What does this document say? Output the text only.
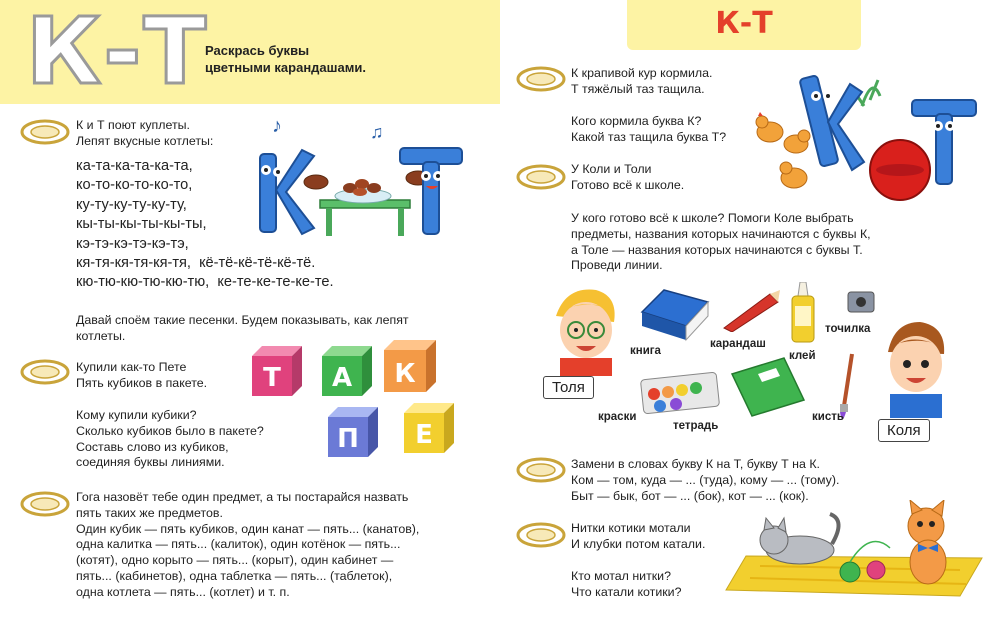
К-Т
Раскрась буквы
цветными карандашами.
К и Т поют куплеты.
Лепят вкусные котлеты:
ка-та-ка-та-ка-та,
ко-то-ко-то-ко-то,
ку-ту-ку-ту-ку-ту,
кы-ты-кы-ты-кы-ты,
кэ-тэ-кэ-тэ-кэ-тэ,
кя-тя-кя-тя-кя-тя,  кё-тё-кё-тё-кё-тё.
кю-тю-кю-тю-кю-тю,  ке-те-ке-те-ке-те.
Давай споём такие песенки. Будем показывать, как лепят
котлеты.
Купили как-то Пете
Пять кубиков в пакете.
Кому купили кубики?
Сколько кубиков было в пакете?
Составь слово из кубиков,
соединяя буквы линиями.
Гога назовёт тебе один предмет, а ты постарайся назвать
пять таких же предметов.
Один кубик — пять кубиков, один канат — пять... (канатов),
одна калитка — пять... (калиток), один котёнок — пять...
(котят), одно корыто — пять... (корыт), один кабинет —
пять... (кабинетов), одна таблетка — пять... (таблеток),
одна котлета — пять... (котлет) и т. п.
♪	♫
Т А К
П Е
К-Т
К крапивой кур кормила.
Т тяжёлый таз тащила.
Кого кормила буква К?
Какой таз тащила буква Т?
У Коли и Толи
Готово всё к школе.
У кого готово всё к школе? Помоги Коле выбрать
предметы, названия которых начинаются с буквы К,
а Толе — названия которых начинаются с буквы Т.
Проведи линии.
Замени в словах букву К на Т, букву Т на К.
Ком — том, куда — ... (туда), кому — ... (тому).
Быт — бык, бот — ... (бок), кот — ... (кок).
Нитки котики мотали
И клубки потом катали.
Кто мотал нитки?
Что катали котики?
Толя
книга
карандаш
клей
точилка
Коля
краски
тетрадь
кисть
